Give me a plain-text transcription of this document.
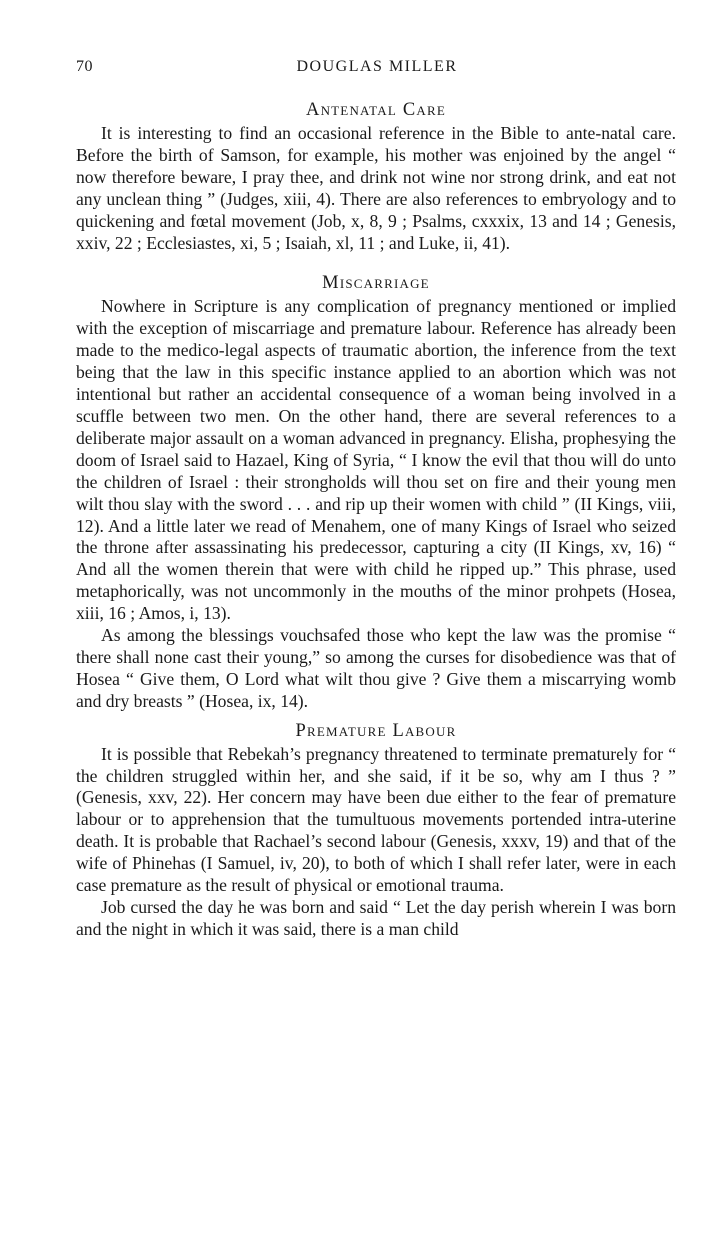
70	DOUGLAS MILLER
Antenatal Care

It is interesting to find an occasional reference in the Bible to ante-natal care. Before the birth of Samson, for example, his mother was enjoined by the angel “ now therefore beware, I pray thee, and drink not wine nor strong drink, and eat not any unclean thing ” (Judges, xiii, 4). There are also references to embryology and to quickening and fœtal movement (Job, x, 8, 9 ; Psalms, cxxxix, 13 and 14 ; Genesis, xxiv, 22 ; Ecclesiastes, xi, 5 ; Isaiah, xl, 11 ; and Luke, ii, 41).

Miscarriage

Nowhere in Scripture is any complication of pregnancy mentioned or implied with the exception of miscarriage and premature labour. Reference has already been made to the medico-legal aspects of traumatic abortion, the inference from the text being that the law in this specific instance applied to an abortion which was not intentional but rather an accidental consequence of a woman being involved in a scuffle between two men. On the other hand, there are several references to a deliberate major assault on a woman advanced in pregnancy. Elisha, prophesying the doom of Israel said to Hazael, King of Syria, “ I know the evil that thou will do unto the children of Israel : their strongholds will thou set on fire and their young men wilt thou slay with the sword . . . and rip up their women with child ” (II Kings, viii, 12). And a little later we read of Menahem, one of many Kings of Israel who seized the throne after assassinating his predecessor, capturing a city (II Kings, xv, 16) “ And all the women therein that were with child he ripped up.” This phrase, used metaphorically, was not uncommonly in the mouths of the minor prohpets (Hosea, xiii, 16 ; Amos, i, 13).

As among the blessings vouchsafed those who kept the law was the promise “ there shall none cast their young,” so among the curses for disobedience was that of Hosea “ Give them, O Lord what wilt thou give ? Give them a miscarrying womb and dry breasts ” (Hosea, ix, 14).

Premature Labour

It is possible that Rebekah’s pregnancy threatened to terminate prematurely for “ the children struggled within her, and she said, if it be so, why am I thus ? ” (Genesis, xxv, 22). Her concern may have been due either to the fear of premature labour or to apprehension that the tumultuous movements portended intra-uterine death. It is probable that Rachael’s second labour (Genesis, xxxv, 19) and that of the wife of Phinehas (I Samuel, iv, 20), to both of which I shall refer later, were in each case premature as the result of physical or emotional trauma.

Job cursed the day he was born and said “ Let the day perish wherein I was born and the night in which it was said, there is a man child
